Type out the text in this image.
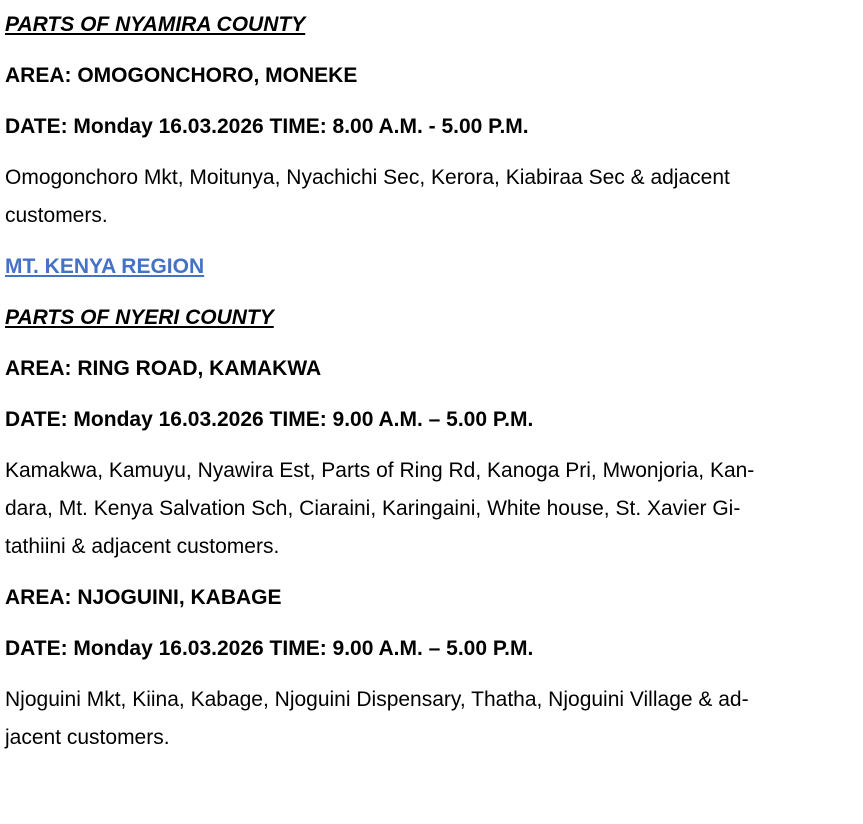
PARTS OF NYAMIRA COUNTY

AREA: OMOGONCHORO, MONEKE

DATE: Monday 16.03.2026 TIME: 8.00 A.M. - 5.00 P.M.

Omogonchoro Mkt, Moitunya, Nyachichi Sec, Kerora, Kiabiraa Sec & adjacent
customers.
MT. KENYA REGION

PARTS OF NYERI COUNTY

AREA: RING ROAD, KAMAKWA

DATE: Monday 16.03.2026 TIME: 9.00 A.M. – 5.00 P.M.

Kamakwa, Kamuyu, Nyawira Est, Parts of Ring Rd, Kanoga Pri, Mwonjoria, Kan-
dara, Mt. Kenya Salvation Sch, Ciaraini, Karingaini, White house, St. Xavier Gi-
tathiini & adjacent customers.

AREA: NJOGUINI, KABAGE

DATE: Monday 16.03.2026 TIME: 9.00 A.M. – 5.00 P.M.

Njoguini Mkt, Kiina, Kabage, Njoguini Dispensary, Thatha, Njoguini Village & ad-
jacent customers.
